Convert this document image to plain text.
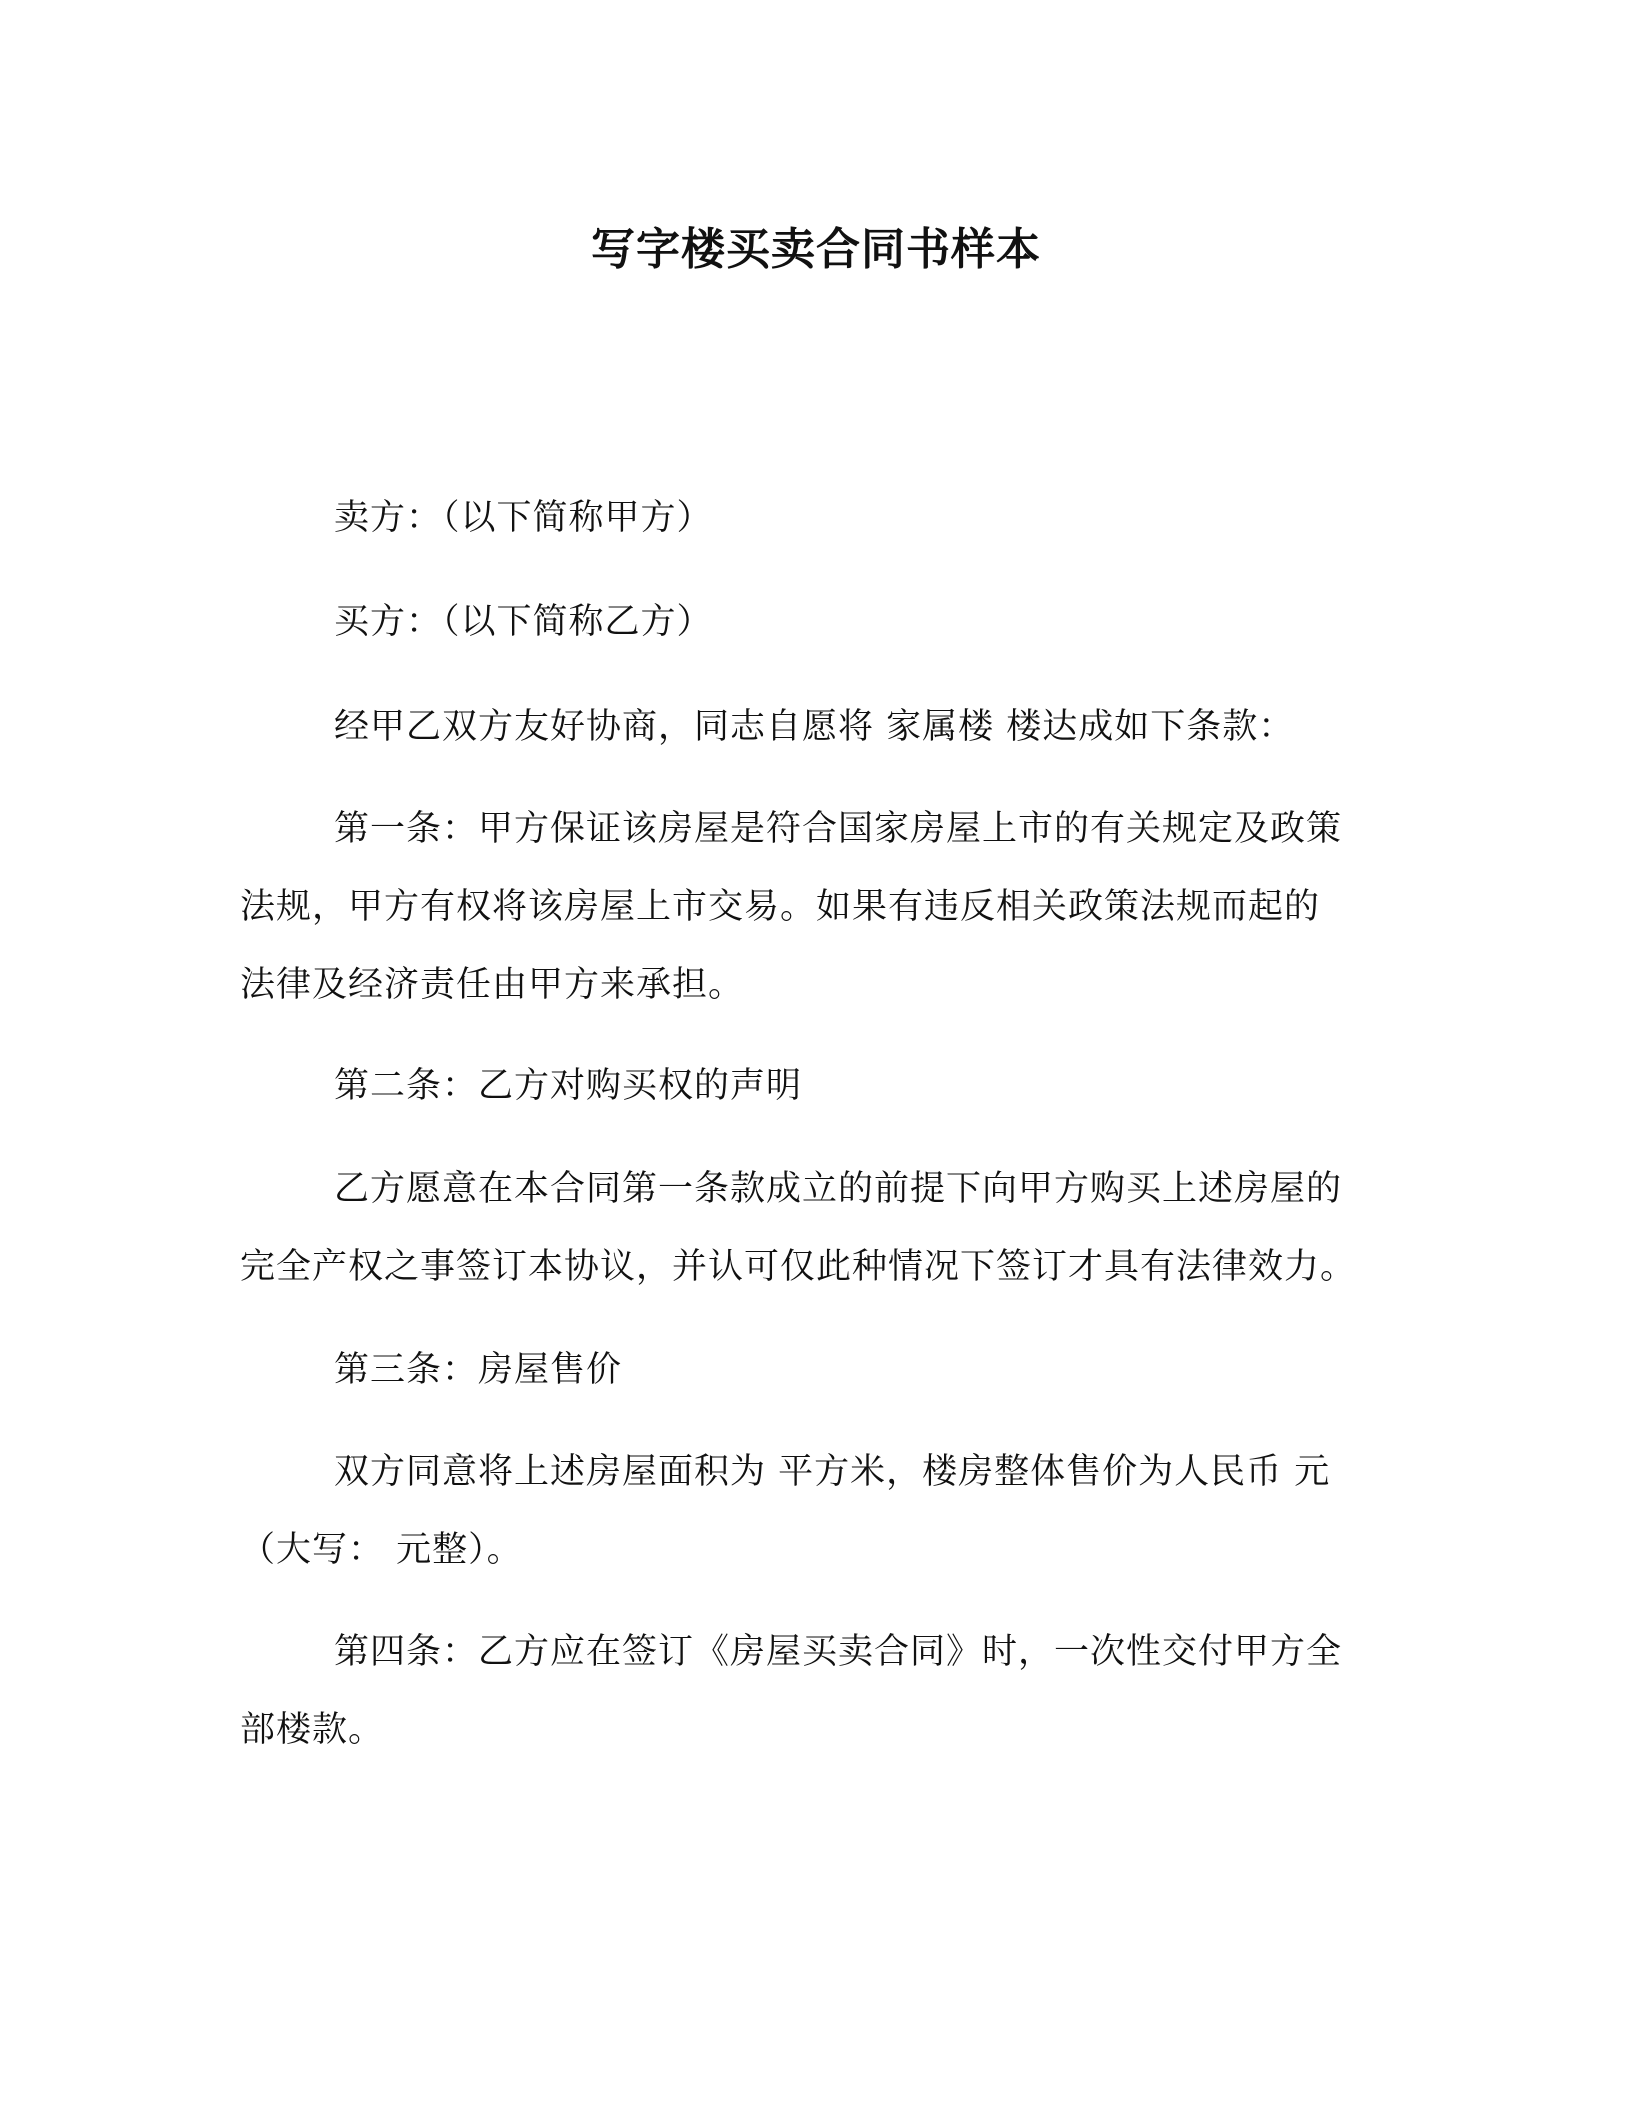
写字楼买卖合同书样本
卖方：（以下简称甲方）
买方：（以下简称乙方）
经甲乙双方友好协商，同志自愿将 家属楼 楼达成如下条款：
第一条：甲方保证该房屋是符合国家房屋上市的有关规定及政策
法规，甲方有权将该房屋上市交易。如果有违反相关政策法规而起的
法律及经济责任由甲方来承担。
第二条：乙方对购买权的声明
乙方愿意在本合同第一条款成立的前提下向甲方购买上述房屋的
完全产权之事签订本协议，并认可仅此种情况下签订才具有法律效力。
第三条：房屋售价
双方同意将上述房屋面积为 平方米，楼房整体售价为人民币 元
（大写： 元整）。
第四条：乙方应在签订《房屋买卖合同》时，一次性交付甲方全
部楼款。
